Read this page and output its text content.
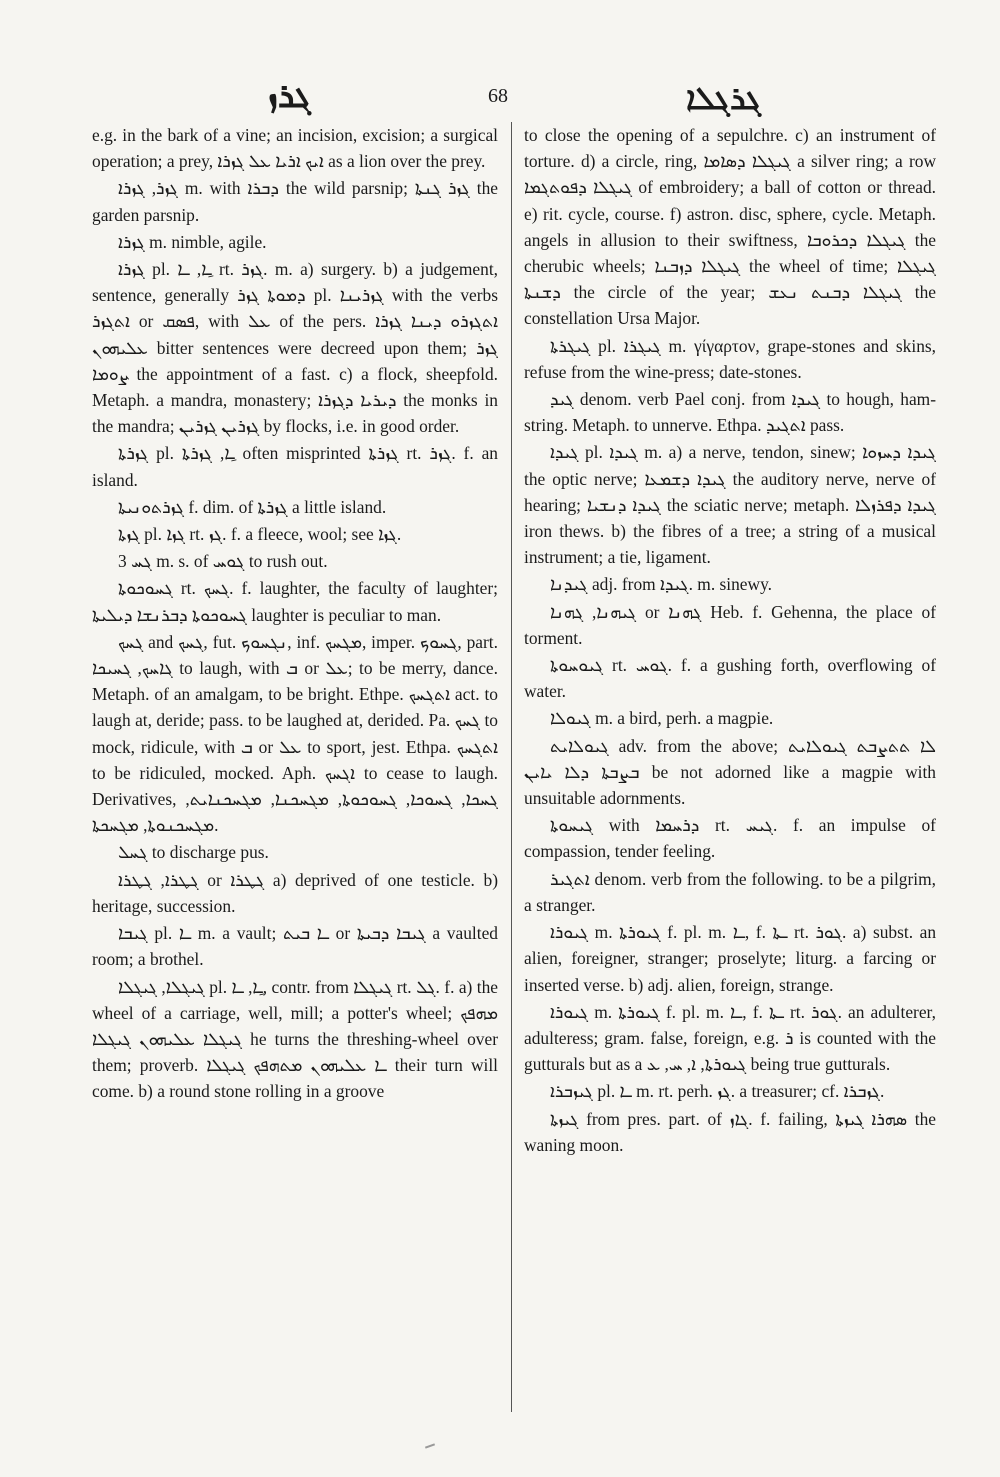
ܓܪܙ	68	ܓܪܓܠܐ

e.g. in the bark of a vine; an incision, excision; a surgical operation; a prey, ܐܝܟ ܐܪܝܐ ܥܠ ܓܙܪܐ as a lion over the prey.

ܓܙܪ, ܓܙܪܐ m. with ܕܒܪܐ the wild parsnip; ܓܙܪ ܓܢܬܐ the garden parsnip.

ܓܙܪܐ m. nimble, agile.

ܓܙܪܐ pl. ـِܐ, ـܐ rt. ܓܙܪ. m. a) surgery. b) a judgement, sentence, generally ܕܡܘܬܐ ܓܙܪ pl. ܓܙܪܝܢܐ with the verbs ܐܬܓܙܪ or ܦܣܩ, with ܥܠ of the pers. ܐܬܓܙܪܘ ܕܝܢܐ ܓܙܪܐ ܥܠܝܗܘܢ bitter sentences were decreed upon them; ܓܙܪ ܨܘܡܐ the appointment of a fast. c) a flock, sheepfold. Metaph. a mandra, monastery; ܕܝܪܝܐ ܕܓܙܪܐ the monks in the mandra; ܓܙܪܝܢ ܓܙܪܝܢ by flocks, i.e. in good order.

ܓܙܪܬܐ pl. ـِܐ, ܓܙܪܬܐ often misprinted ܓܙܪܬܐ rt. ܓܙܪ. f. an island.

ܓܙܪܬܘܢܝܬܐ f. dim. of ܓܙܪܬܐ a little island.

ܓܙܬܐ pl. ܓܙܐ rt. ܓܙ. f. a fleece, wool; see ܓܙܐ.

ܓܚ 3 m. s. of ܓܘܚ to rush out.

ܓܚܘܟܘܬܐ rt. ܓܚܟ. f. laughter, the faculty of laughter; ܓܚܘܟܘܬܐ ܕܒܪܢܫܐ ܕܝܠܝܬܐ laughter is peculiar to man.

ܓܚܟ and ܓܚܟ, fut. ܢܓܚܘܟ, inf. ܡܓܚܟ, imper. ܓܚܘܟ, part. ܓܐܚܟ, ܓܚܝܟܐ to laugh, with ܒ or ܥܠ; to be merry, dance. Metaph. of an amalgam, to be bright. Ethpe. ܐܬܓܚܟ act. to laugh at, deride; pass. to be laughed at, derided. Pa. ܓܚܟ to mock, ridicule, with ܒ or ܥܠ to sport, jest. Ethpa. ܐܬܓܚܟ to be ridiculed, mocked. Aph. ܐܓܚܟ to cease to laugh. Derivatives, ܓܚܟܐ, ܓܚܘܟܐ, ܓܚܘܟܘܬܐ, ܡܓܚܟܢܐ, ܡܓܚܟܢܐܝܬ, ܡܓܚܟܢܘܬܐ, ܡܓܚܟܬܐ.

ܓܚܠ to discharge pus.

ܓܛܪܐ, ܓܛܪܐ or ܓܛܪܐ a) deprived of one testicle. b) heritage, succession.

ܓܝܒܐ pl. ـܐ m. a vault; ـܐ ܒܝܬ or ܓܝܒܐ ܕܒܝܬܐ a vaulted room; a brothel.

ܓܝܓܠܐ, ܓܝܓܠܐ pl. ـِܐ, ـܐ, contr. from ܓܝܓܠܐ rt. ܓܠ. f. a) the wheel of a carriage, well, mill; a potter's wheel; ܡܗܦܟ ܓܝܓܠܐ ܥܠܝܗܘܢ ܓܝܓܠܐ he turns the threshing-wheel over them; proverb. ـܐ ܥܠܝܗܘܢ ܡܬܗܦܟ ܓܝܓܠܐ their turn will come. b) a round stone rolling in a groove

to close the opening of a sepulchre. c) an instrument of torture. d) a circle, ring, ܓܝܓܠܐ ܕܣܐܡܐ a silver ring; a row ܓܝܓܠܐ ܕܦܘܬܓܡܐ of embroidery; a ball of cotton or thread. e) rit. cycle, course. f) astron. disc, sphere, cycle. Metaph. angels in allusion to their swiftness, ܓܝܓܠܐ ܕܟܪܘܒܐ the cherubic wheels; ܓܝܓܠܐ ܕܙܒܢܐ the wheel of time; ܓܝܓܠܐ ܕܫܢܬܐ the circle of the year; ܓܝܓܠܐ ܕܒܢܬ ܢܥܫ the constellation Ursa Major.

ܓܝܓܪܬܐ pl. ܓܝܓܪܐ m. γίγαρτον, grape-stones and skins, refuse from the wine-press; date-stones.

ܓܝܕ denom. verb Pael conj. from ܓܝܕܐ to hough, ham-string. Metaph. to unnerve. Ethpa. ܐܬܓܝܕ pass.

ܓܝܕܐ pl. ܓܝܕܐ m. a) a nerve, tendon, sinew; ܓܝܕܐ ܕܚܙܘܐ the optic nerve; ܓܝܕܐ ܕܫܡܥܐ the auditory nerve, nerve of hearing; ܓܝܕܐ ܕܢܫܝܐ the sciatic nerve; metaph. ܓܝܕܐ ܕܦܪܙܠܐ iron thews. b) the fibres of a tree; a string of a musical instrument; a tie, ligament.

ܓܝܕܢܐ adj. from ܓܝܕܐ. m. sinewy.

ܓܝܗܢܐ, ܓܗܢܐ or ܓܗܢܐ Heb. f. Gehenna, the place of torment.

ܓܝܘܚܘܬܐ rt. ܓܘܚ. f. a gushing forth, overflowing of water.

ܓܝܘܠܐ m. a bird, perh. a magpie.

ܓܝܘܠܐܝܬ adv. from the above; ܠܐ ܬܬܨܒܬ ܓܝܘܠܐܝܬ ܒܨܒܬܐ ܕܠܐ ܝܐܝܢ be not adorned like a magpie with unsuitable adornments.

ܓܝܚܘܬܐ with ܕܪܚܡܐ rt. ܓܝܚ. f. an impulse of compassion, tender feeling.

ܐܬܓܝܪ denom. verb from the following. to be a pilgrim, a stranger.

ܓܝܘܪܐ m. ܓܝܘܪܬܐ f. pl. m. ـܐ, f. ـܬܐ rt. ܓܘܪ. a) subst. an alien, foreigner, stranger; proselyte; liturg. a farcing or inserted verse. b) adj. alien, foreign, strange.

ܓܝܘܪܐ m. ܓܝܘܪܬܐ f. pl. m. ـܐ, f. ـܬܐ rt. ܓܘܪ. an adulterer, adulteress; gram. false, foreign, e.g. ܪ is counted with the gutturals but as a ܓܝܘܪܬܐ, ܐ, ܚ, ܥ being true gutturals.

ܓܝܙܒܪܐ pl. ـܐ m. rt. perh. ܓܙ. a treasurer; cf. ܓܙܒܪܐ.

ܓܝܙܬܐ from pres. part. of ܓܐܙ. f. failing, ܣܗܪܐ ܓܝܙܬܐ the waning moon.
